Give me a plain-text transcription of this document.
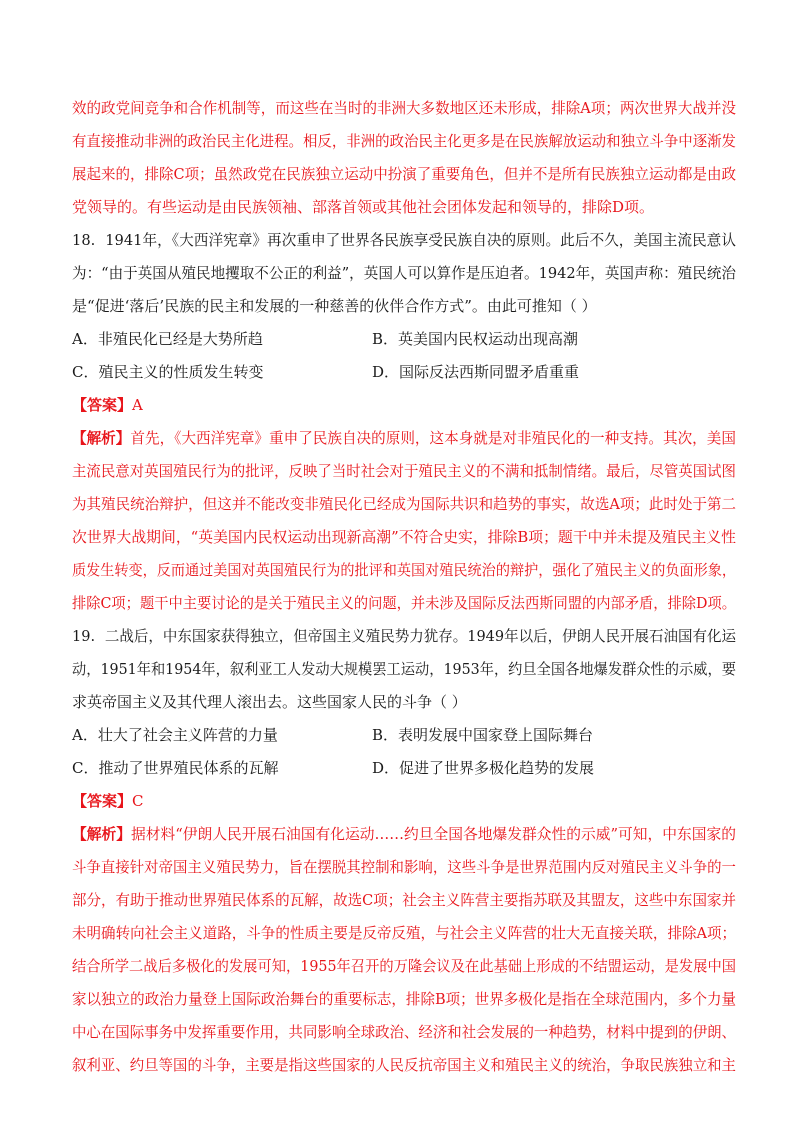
效的政党间竞争和合作机制等，而这些在当时的非洲大多数地区还未形成，排除A项；两次世界大战并没
有直接推动非洲的政治民主化进程。相反，非洲的政治民主化更多是在民族解放运动和独立斗争中逐渐发
展起来的，排除C项；虽然政党在民族独立运动中扮演了重要角色，但并不是所有民族独立运动都是由政
党领导的。有些运动是由民族领袖、部落首领或其他社会团体发起和领导的，排除D项。
18. 1941年，《大西洋宪章》再次重申了世界各民族享受民族自决的原则。此后不久，美国主流民意认
为：“由于英国从殖民地攫取不公正的利益”，英国人可以算作是压迫者。1942年，英国声称：殖民统治
是“促进‘落后’民族的民主和发展的一种慈善的伙伴合作方式”。由此可推知（ ）
A．非殖民化已经是大势所趋	B．英美国内民权运动出现高潮
C．殖民主义的性质发生转变	D．国际反法西斯同盟矛盾重重
【答案】A
【解析】首先，《大西洋宪章》重申了民族自决的原则，这本身就是对非殖民化的一种支持。其次，美国
主流民意对英国殖民行为的批评，反映了当时社会对于殖民主义的不满和抵制情绪。最后，尽管英国试图
为其殖民统治辩护，但这并不能改变非殖民化已经成为国际共识和趋势的事实，故选A项；此时处于第二
次世界大战期间，“英美国内民权运动出现新高潮”不符合史实，排除B项；题干中并未提及殖民主义性
质发生转变，反而通过美国对英国殖民行为的批评和英国对殖民统治的辩护，强化了殖民主义的负面形象，
排除C项；题干中主要讨论的是关于殖民主义的问题，并未涉及国际反法西斯同盟的内部矛盾，排除D项。
19. 二战后，中东国家获得独立，但帝国主义殖民势力犹存。1949年以后，伊朗人民开展石油国有化运
动，1951年和1954年，叙利亚工人发动大规模罢工运动，1953年，约旦全国各地爆发群众性的示威，要
求英帝国主义及其代理人滚出去。这些国家人民的斗争（ ）
A．壮大了社会主义阵营的力量	B．表明发展中国家登上国际舞台
C．推动了世界殖民体系的瓦解	D．促进了世界多极化趋势的发展
【答案】C
【解析】据材料“伊朗人民开展石油国有化运动……约旦全国各地爆发群众性的示威”可知，中东国家的
斗争直接针对帝国主义殖民势力，旨在摆脱其控制和影响，这些斗争是世界范围内反对殖民主义斗争的一
部分，有助于推动世界殖民体系的瓦解，故选C项；社会主义阵营主要指苏联及其盟友，这些中东国家并
未明确转向社会主义道路，斗争的性质主要是反帝反殖，与社会主义阵营的壮大无直接关联，排除A项；
结合所学二战后多极化的发展可知，1955年召开的万隆会议及在此基础上形成的不结盟运动，是发展中国
家以独立的政治力量登上国际政治舞台的重要标志，排除B项；世界多极化是指在全球范围内，多个力量
中心在国际事务中发挥重要作用，共同影响全球政治、经济和社会发展的一种趋势，材料中提到的伊朗、
叙利亚、约旦等国的斗争，主要是指这些国家的人民反抗帝国主义和殖民主义的统治，争取民族独立和主
